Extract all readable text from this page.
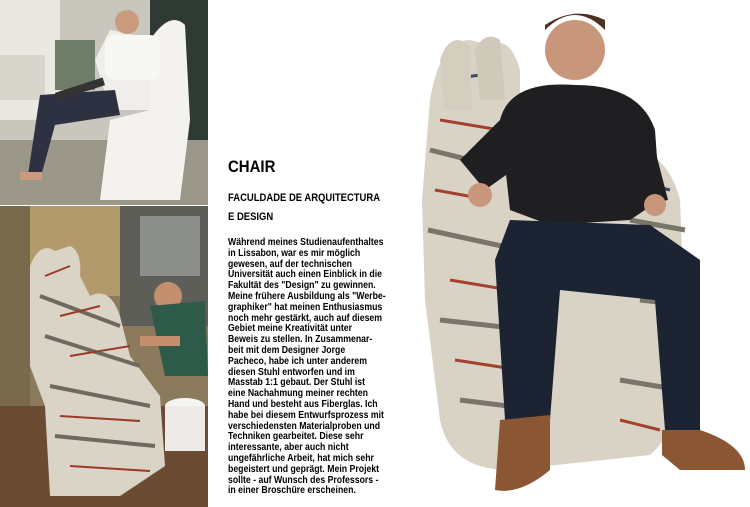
CHAIR
FACULDADE DE ARQUITECTURA
E DESIGN
Während meines Studienaufenthaltes
in Lissabon, war es mir möglich
gewesen, auf der technischen
Universität auch einen Einblick in die
Fakultät des "Design" zu gewinnen.
Meine frühere Ausbildung als "Werbe-
graphiker" hat meinen Enthusiasmus
noch mehr gestärkt, auch auf diesem
Gebiet meine Kreativität unter
Beweis zu stellen. In Zusammenar-
beit mit dem Designer Jorge
Pacheco, habe ich unter anderem
diesen Stuhl entworfen und im
Masstab 1:1 gebaut. Der Stuhl ist
eine Nachahmung meiner rechten
Hand und besteht aus Fiberglas. Ich
habe bei diesem Entwurfsprozess mit
verschiedensten Materialproben und
Techniken gearbeitet. Diese sehr
interessante, aber auch nicht
ungefährliche Arbeit, hat mich sehr
begeistert und geprägt. Mein Projekt
sollte - auf Wunsch des Professors -
in einer Broschüre erscheinen.
